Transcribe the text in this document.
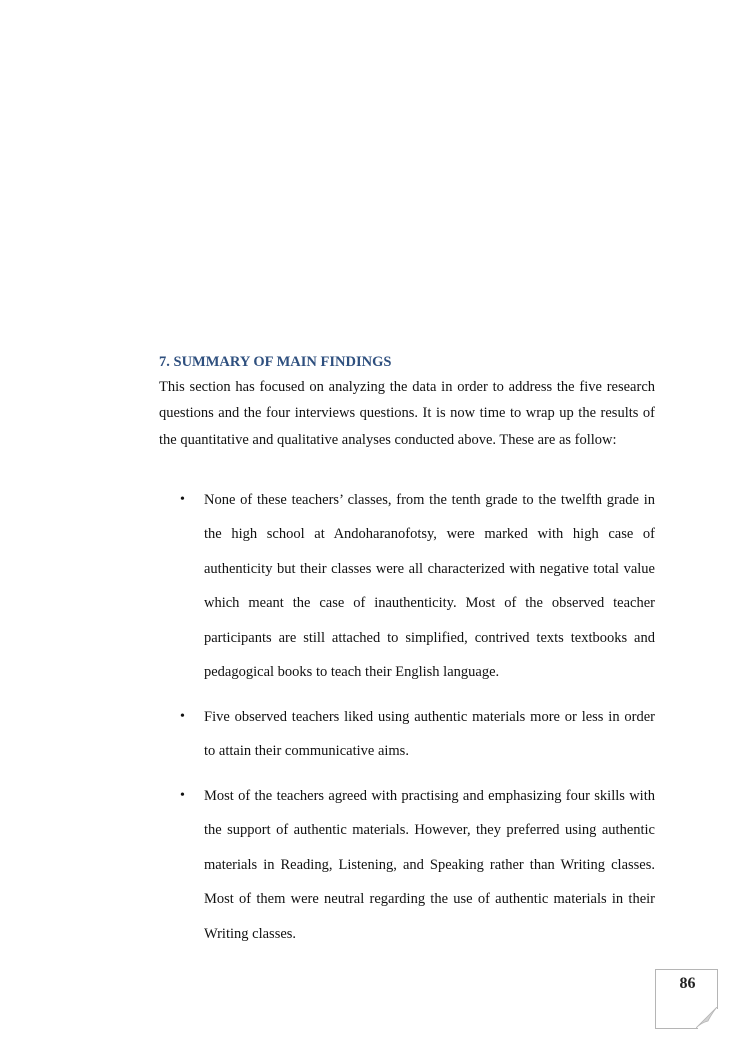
7. SUMMARY OF MAIN FINDINGS

This section has focused on analyzing the data in order to address the five research questions and the four interviews questions. It is now time to wrap up the results of the quantitative and qualitative analyses conducted above. These are as follow:

• None of these teachers’ classes, from the tenth grade to the twelfth grade in the high school at Andoharanofotsy, were marked with high case of authenticity but their classes were all characterized with negative total value which meant the case of inauthenticity. Most of the observed teacher participants are still attached to simplified, contrived texts textbooks and pedagogical books to teach their English language.
• Five observed teachers liked using authentic materials more or less in order to attain their communicative aims.
• Most of the teachers agreed with practising and emphasizing four skills with the support of authentic materials. However, they preferred using authentic materials in Reading, Listening, and Speaking rather than Writing classes. Most of them were neutral regarding the use of authentic materials in their Writing classes.
86
